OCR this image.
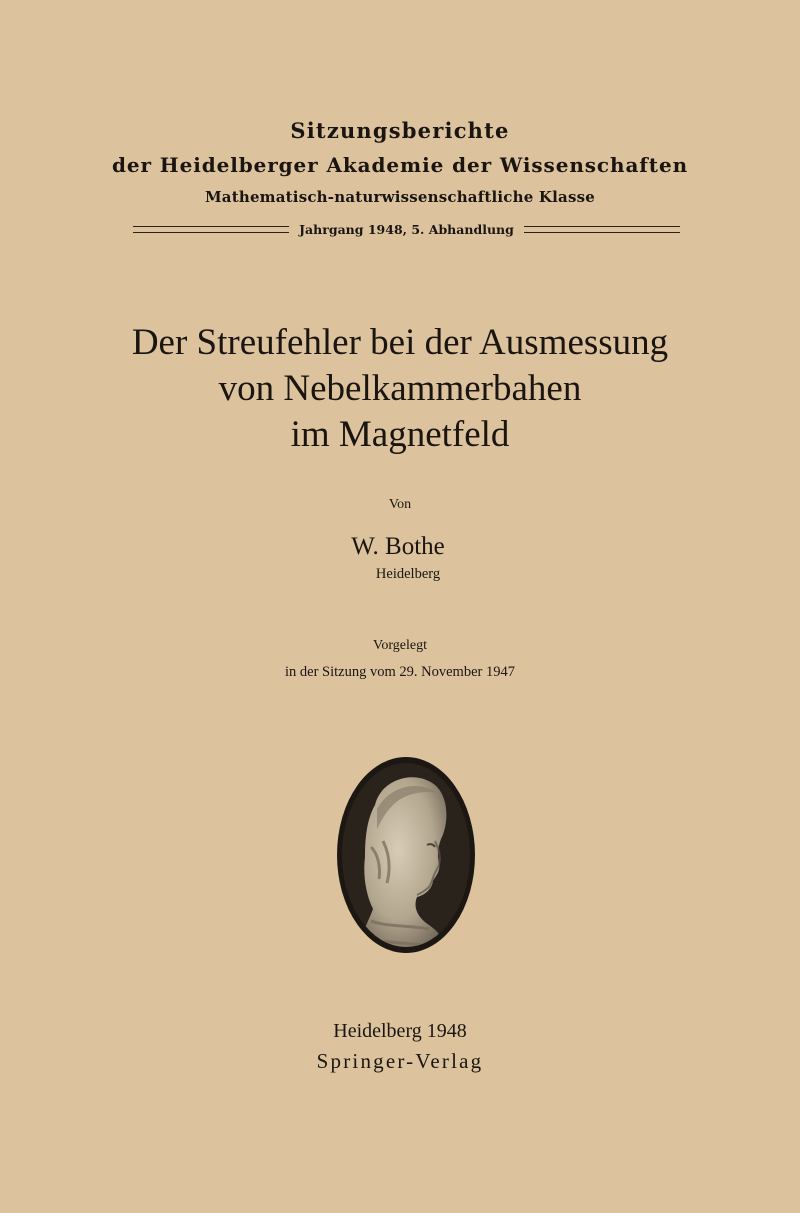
Sitzungsberichte
der Heidelberger Akademie der Wissenschaften
Mathematisch-naturwissenschaftliche Klasse
Jahrgang 1948, 5. Abhandlung
Der Streufehler bei der Ausmessung
von Nebelkammerbahen
im Magnetfeld
Von
W. Bothe
Heidelberg
Vorgelegt
in der Sitzung vom 29. November 1947
Heidelberg 1948
Springer-Verlag
